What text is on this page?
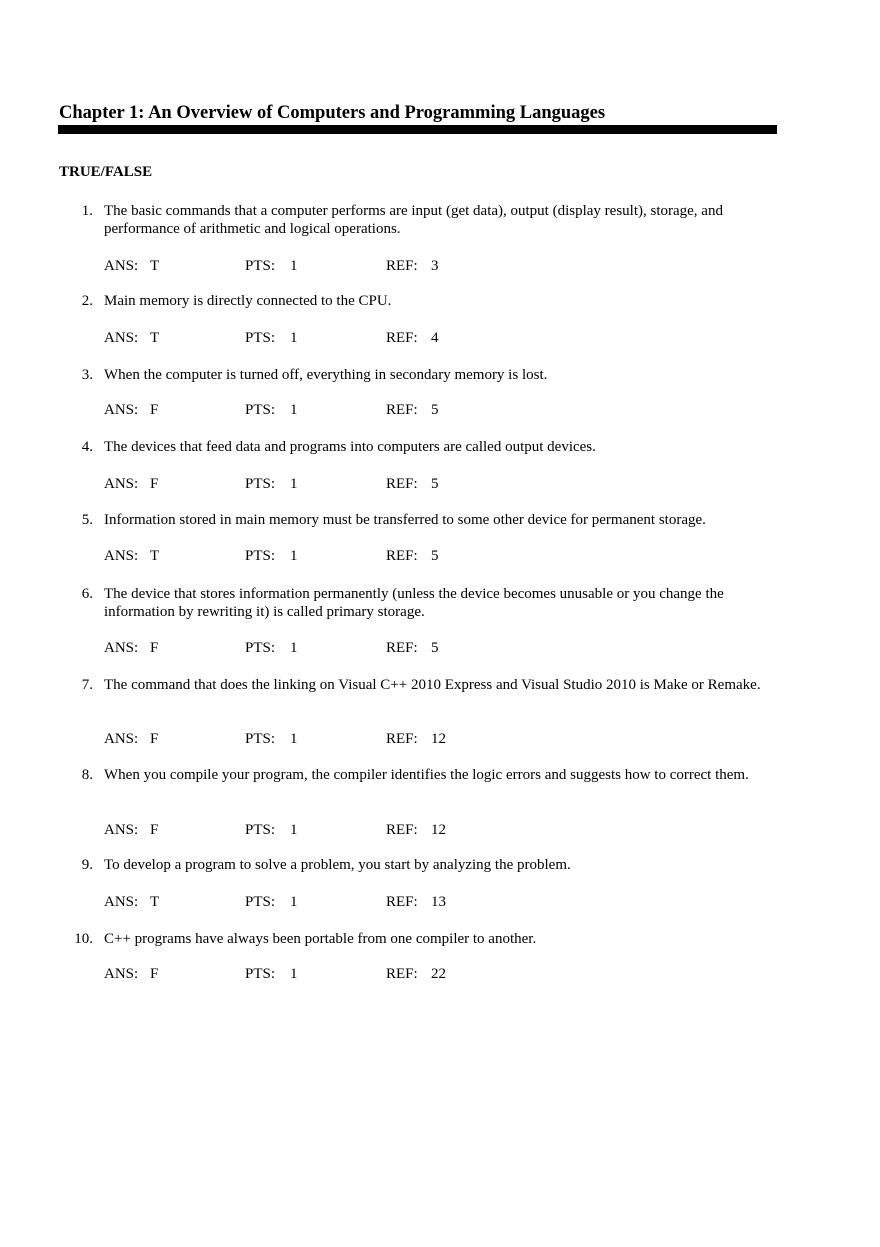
Chapter 1: An Overview of Computers and Programming Languages
TRUE/FALSE
1. The basic commands that a computer performs are input (get data), output (display result), storage, and performance of arithmetic and logical operations.
ANS: T	PTS: 1	REF: 3
2. Main memory is directly connected to the CPU.
ANS: T	PTS: 1	REF: 4
3. When the computer is turned off, everything in secondary memory is lost.
ANS: F	PTS: 1	REF: 5
4. The devices that feed data and programs into computers are called output devices.
ANS: F	PTS: 1	REF: 5
5. Information stored in main memory must be transferred to some other device for permanent storage.
ANS: T	PTS: 1	REF: 5
6. The device that stores information permanently (unless the device becomes unusable or you change the information by rewriting it) is called primary storage.
ANS: F	PTS: 1	REF: 5
7. The command that does the linking on Visual C++ 2010 Express and Visual Studio 2010 is Make or Remake.
ANS: F	PTS: 1	REF: 12
8. When you compile your program, the compiler identifies the logic errors and suggests how to correct them.
ANS: F	PTS: 1	REF: 12
9. To develop a program to solve a problem, you start by analyzing the problem.
ANS: T	PTS: 1	REF: 13
10. C++ programs have always been portable from one compiler to another.
ANS: F	PTS: 1	REF: 22
